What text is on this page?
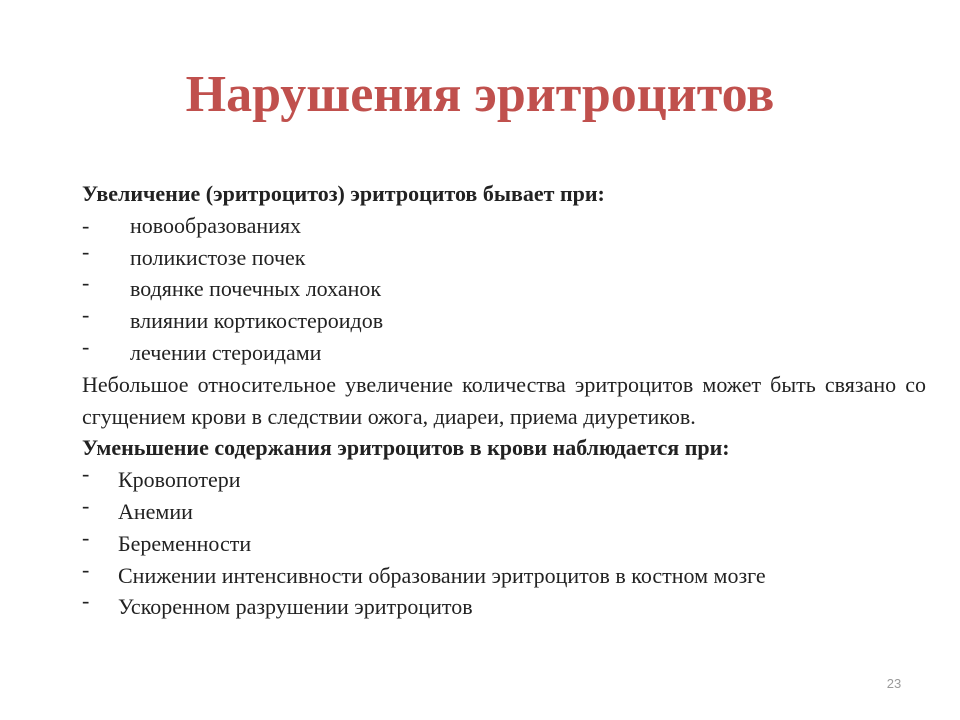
Нарушения эритроцитов
Увеличение (эритроцитоз) эритроцитов бывает при:
- новообразованиях
- поликистозе почек
- водянке почечных лоханок
- влиянии кортикостероидов
- лечении стероидами
Небольшое относительное увеличение количества эритроцитов может быть связано со сгущением крови в следствии ожога, диареи, приема диуретиков.
Уменьшение содержания эритроцитов в крови наблюдается при:
- Кровопотери
- Анемии
- Беременности
- Снижении интенсивности образовании эритроцитов в костном мозге
- Ускоренном разрушении эритроцитов
23
